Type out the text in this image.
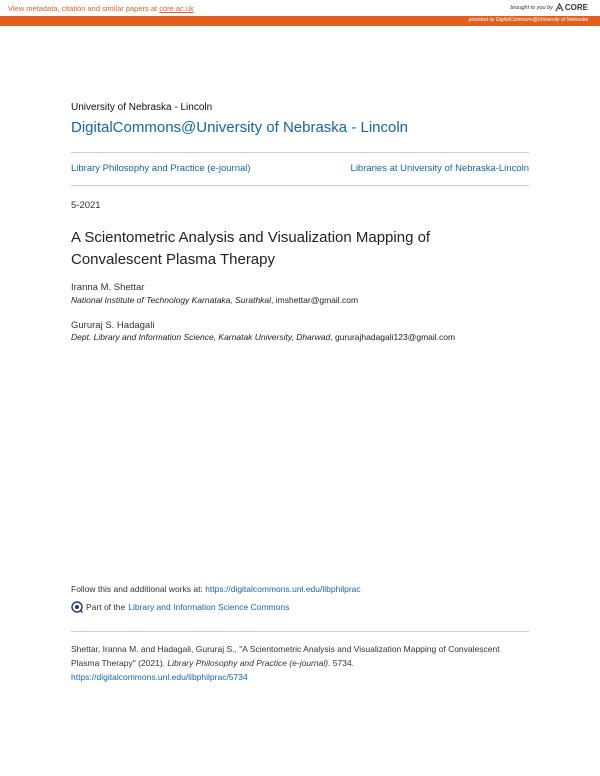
View metadata, citation and similar papers at core.ac.uk	brought to you by CORE
provided by DigitalCommons@University of Nebraska
University of Nebraska - Lincoln
DigitalCommons@University of Nebraska - Lincoln
Library Philosophy and Practice (e-journal)	Libraries at University of Nebraska-Lincoln
5-2021
A Scientometric Analysis and Visualization Mapping of Convalescent Plasma Therapy
Iranna M. Shettar
National Institute of Technology Karnataka, Surathkal, imshettar@gmail.com
Gururaj S. Hadagali
Dept. Library and Information Science, Karnatak University, Dharwad, gururajhadagali123@gmail.com
Follow this and additional works at: https://digitalcommons.unl.edu/libphilprac
Part of the Library and Information Science Commons
Shettar, Iranna M. and Hadagali, Gururaj S., "A Scientometric Analysis and Visualization Mapping of Convalescent Plasma Therapy" (2021). Library Philosophy and Practice (e-journal). 5734.
https://digitalcommons.unl.edu/libphilprac/5734
